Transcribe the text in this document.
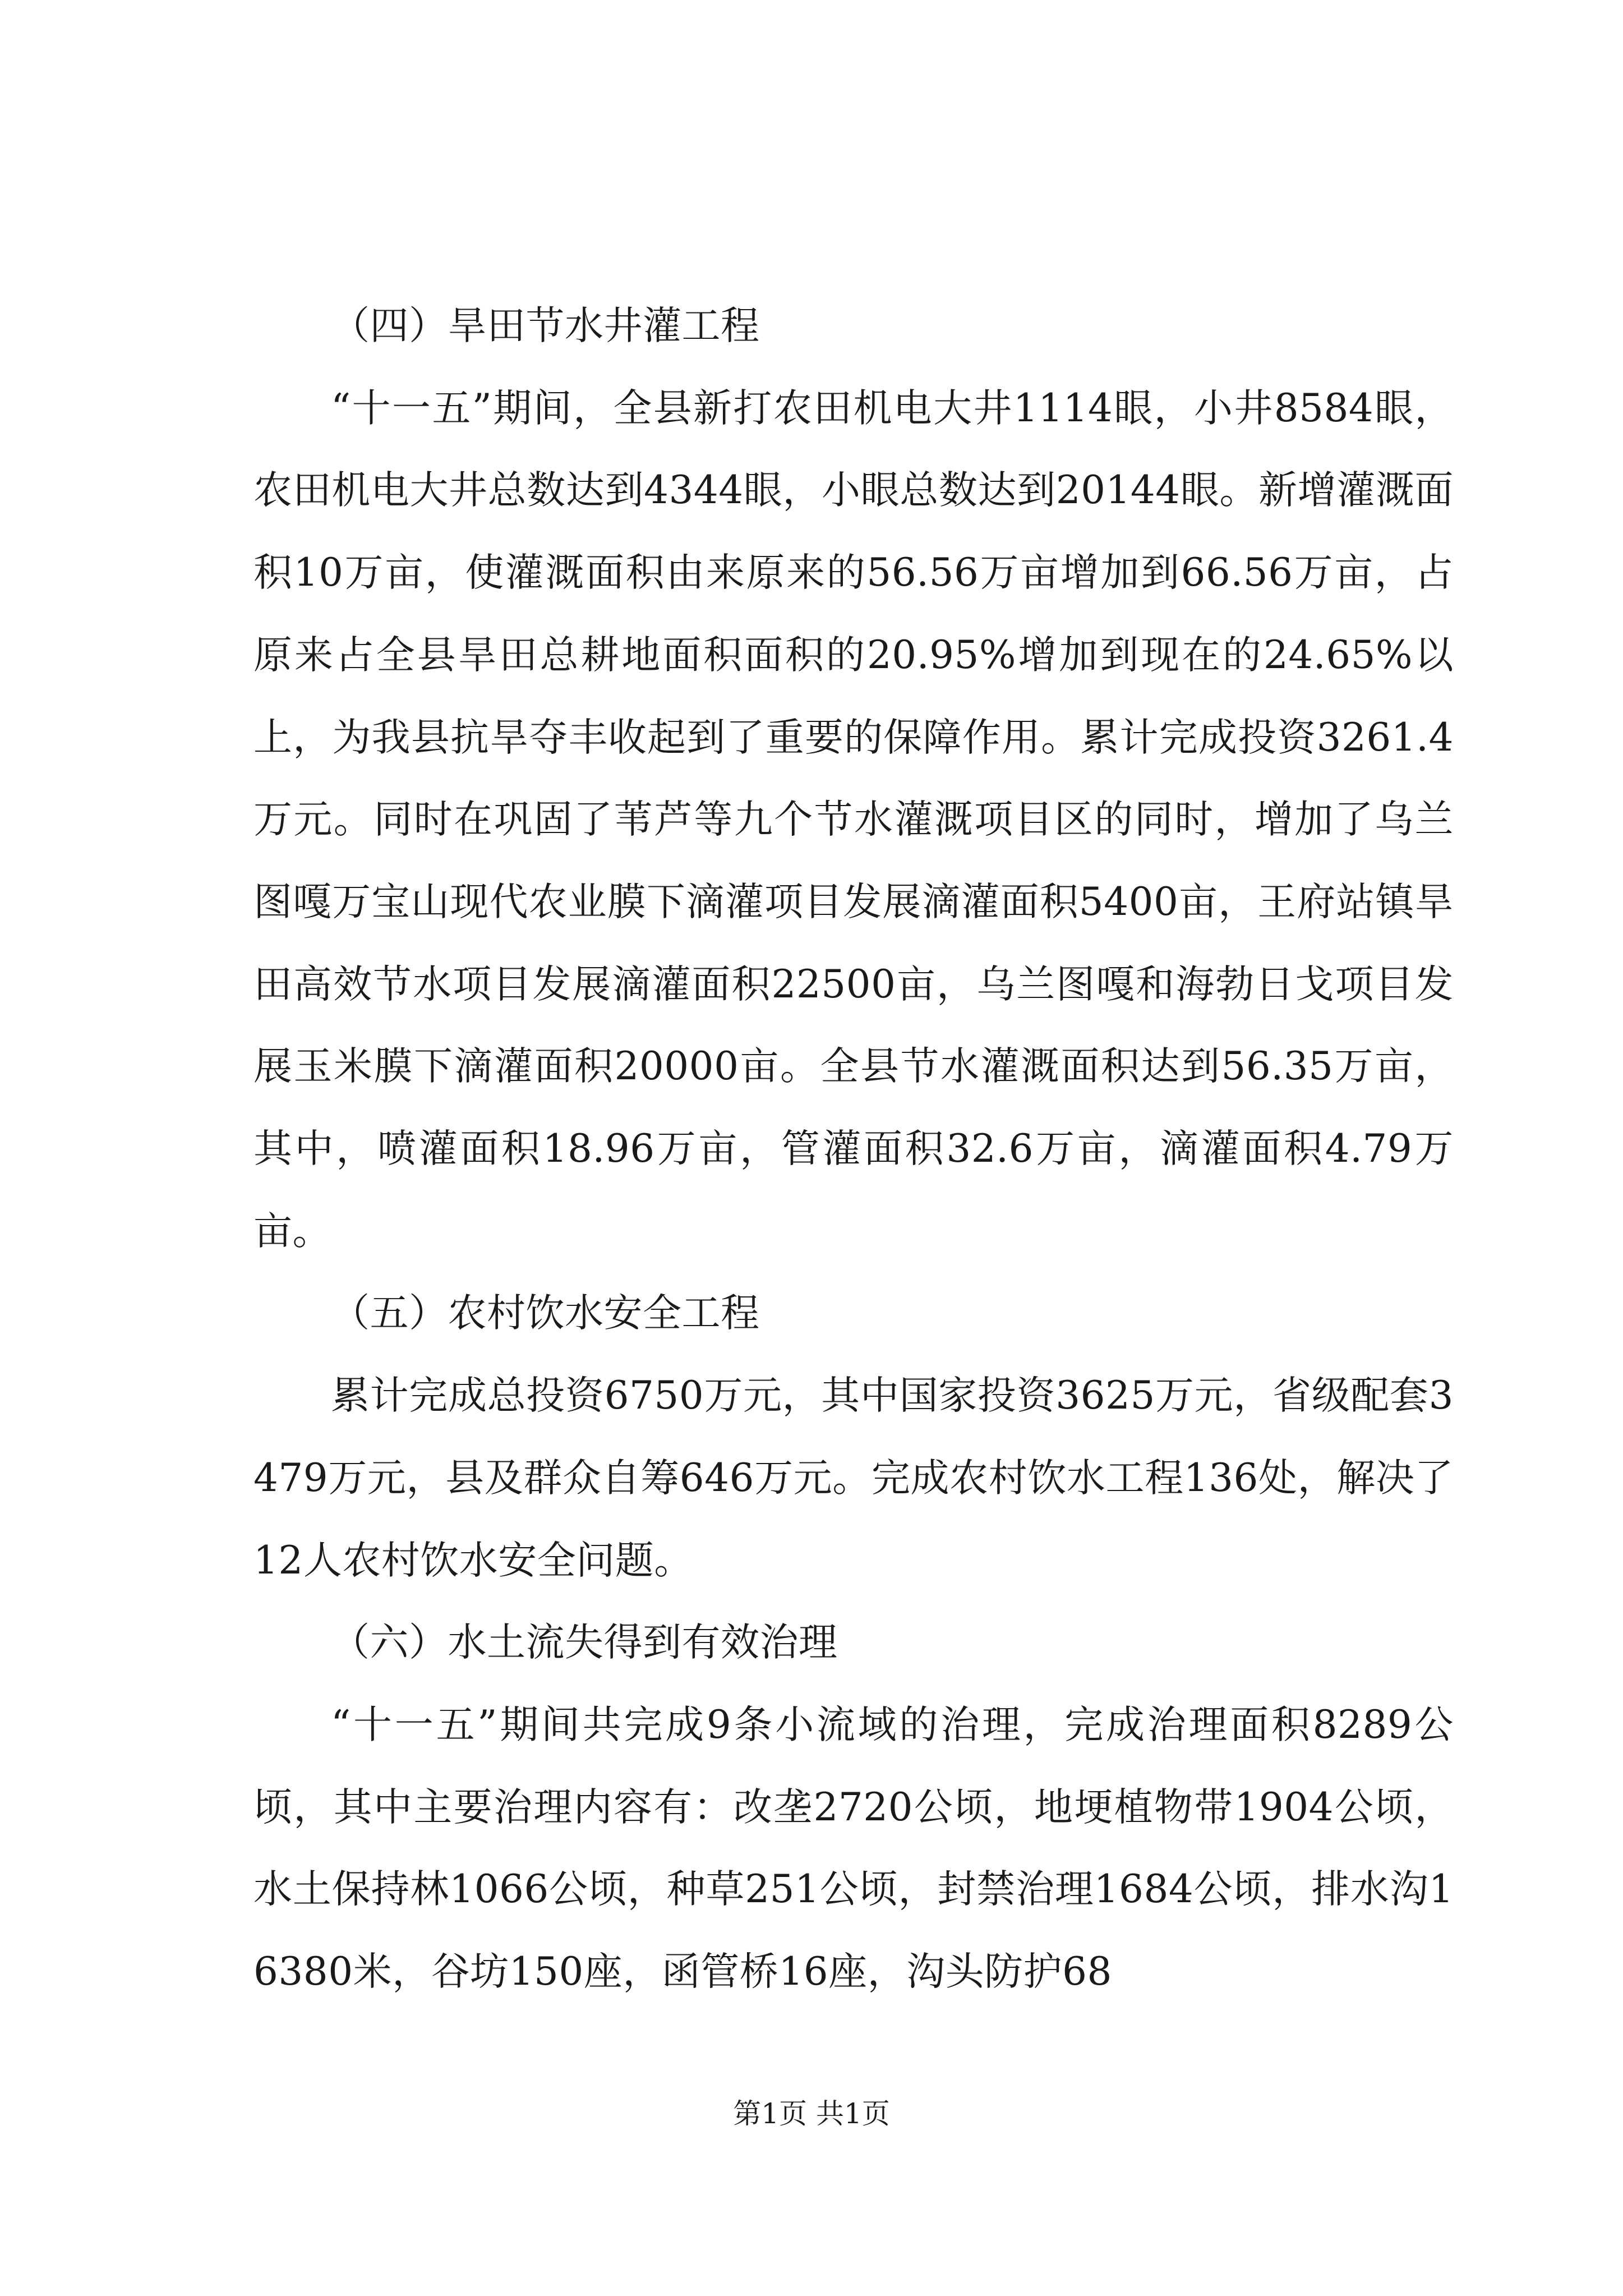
（四）旱田节水井灌工程

“十一五”期间，全县新打农田机电大井1114眼，小井8584眼，农田机电大井总数达到4344眼，小眼总数达到20144眼。新增灌溉面积10万亩，使灌溉面积由来原来的56.56万亩增加到66.56万亩，占原来占全县旱田总耕地面积面积的20.95%增加到现在的24.65%以上，为我县抗旱夺丰收起到了重要的保障作用。累计完成投资3261.4万元。同时在巩固了苇芦等九个节水灌溉项目区的同时，增加了乌兰图嘎万宝山现代农业膜下滴灌项目发展滴灌面积5400亩，王府站镇旱田高效节水项目发展滴灌面积22500亩，乌兰图嘎和海勃日戈项目发展玉米膜下滴灌面积20000亩。全县节水灌溉面积达到56.35万亩，其中，喷灌面积18.96万亩，管灌面积32.6万亩，滴灌面积4.79万亩。

（五）农村饮水安全工程

累计完成总投资6750万元，其中国家投资3625万元，省级配套3479万元，县及群众自筹646万元。完成农村饮水工程136处，解决了12人农村饮水安全问题。

（六）水土流失得到有效治理

“十一五”期间共完成9条小流域的治理，完成治理面积8289公顷，其中主要治理内容有：改垄2720公顷，地埂植物带1904公顷，水土保持林1066公顷，种草251公顷，封禁治理1684公顷，排水沟16380米，谷坊150座，函管桥16座，沟头防护68

第1页 共1页
